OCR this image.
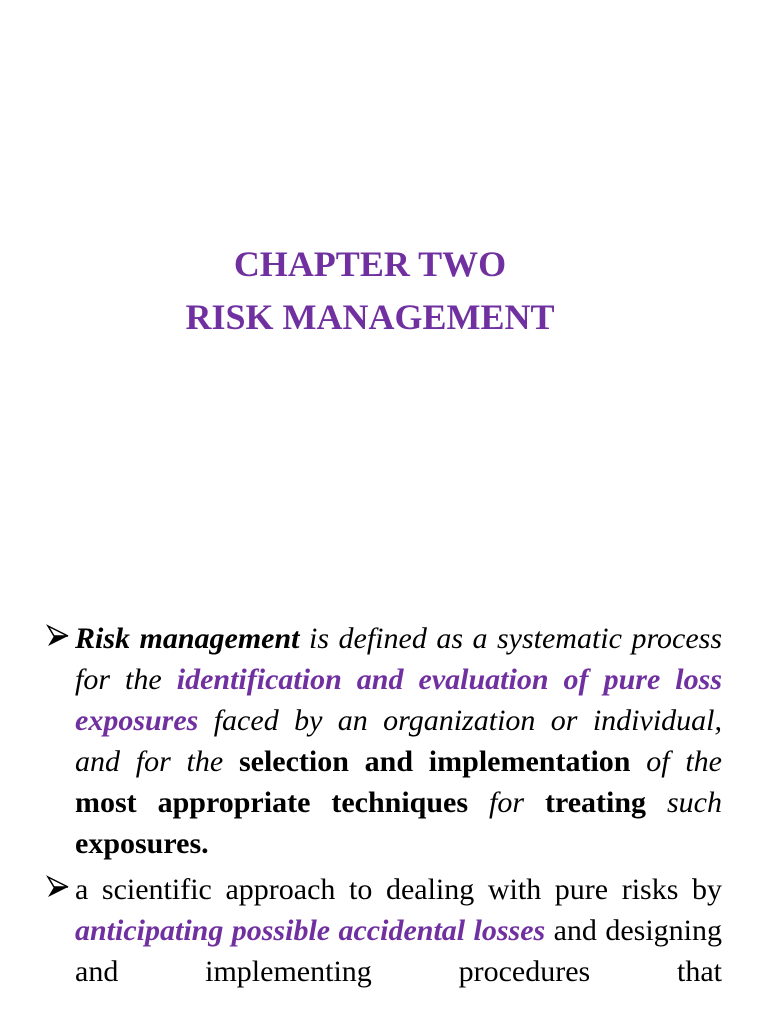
CHAPTER TWO
RISK MANAGEMENT
Risk management is defined as a systematic process for the identification and evaluation of pure loss exposures faced by an organization or individual, and for the selection and implementation of the most appropriate techniques for treating such exposures.
a scientific approach to dealing with pure risks by anticipating possible accidental losses and designing and implementing procedures that
